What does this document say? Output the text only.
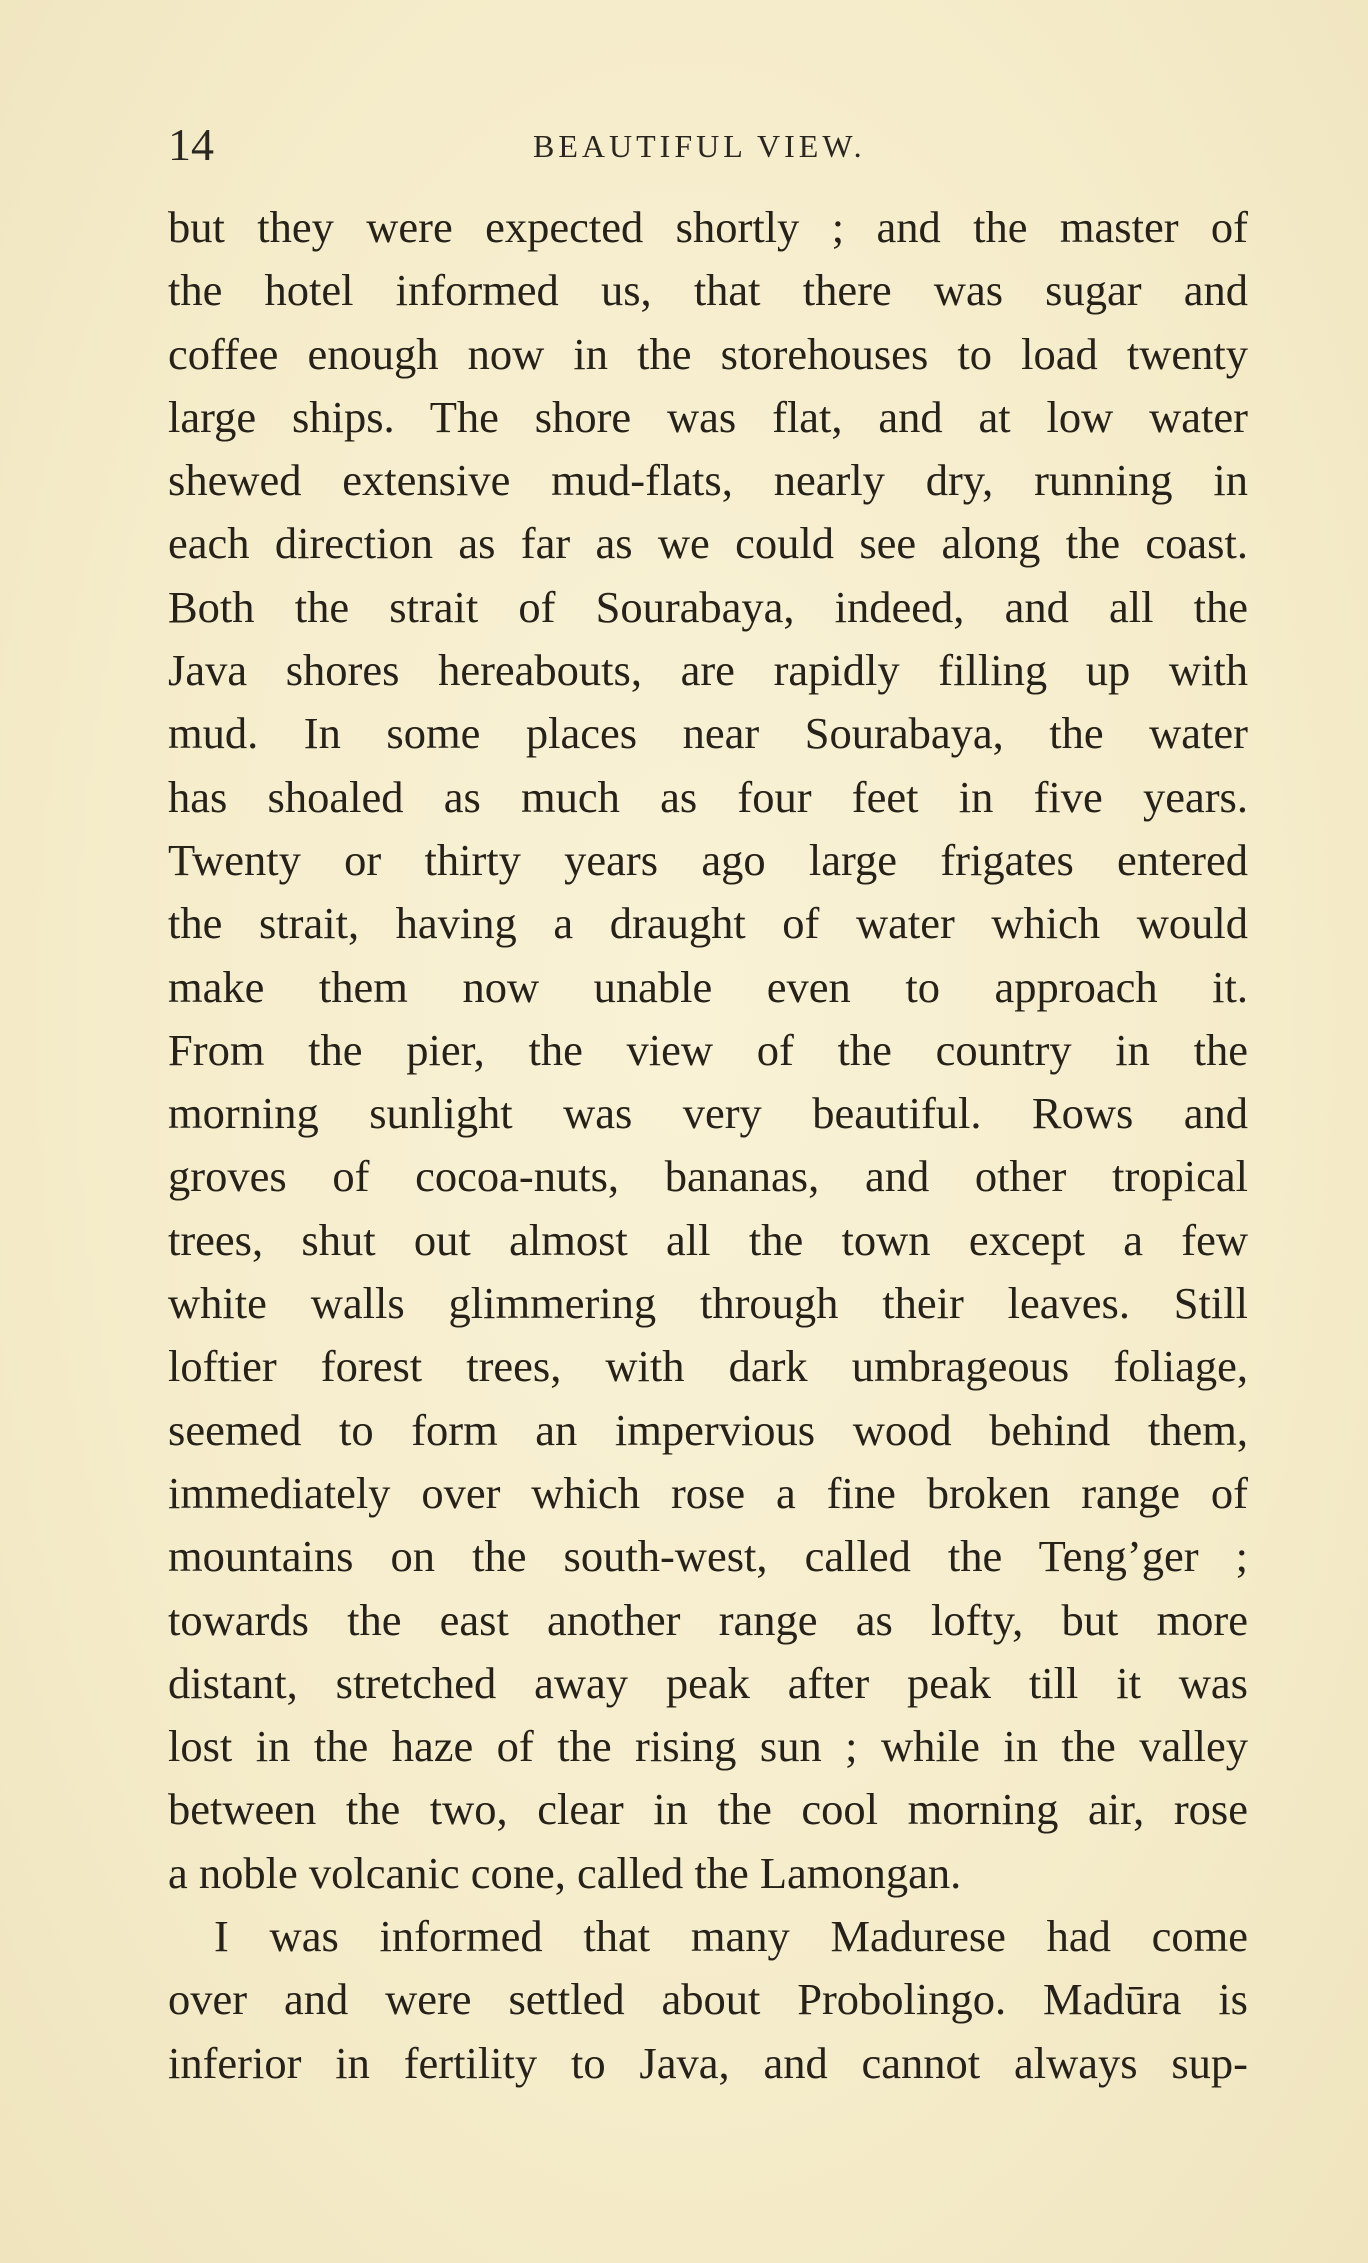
14	BEAUTIFUL VIEW.
but they were expected shortly ; and the master of
the hotel informed us, that there was sugar and
coffee enough now in the storehouses to load twenty
large ships. The shore was flat, and at low water
shewed extensive mud-flats, nearly dry, running in
each direction as far as we could see along the coast.
Both the strait of Sourabaya, indeed, and all the
Java shores hereabouts, are rapidly filling up with
mud. In some places near Sourabaya, the water
has shoaled as much as four feet in five years.
Twenty or thirty years ago large frigates entered
the strait, having a draught of water which would
make them now unable even to approach it.
From the pier, the view of the country in the
morning sunlight was very beautiful. Rows and
groves of cocoa-nuts, bananas, and other tropical
trees, shut out almost all the town except a few
white walls glimmering through their leaves. Still
loftier forest trees, with dark umbrageous foliage,
seemed to form an impervious wood behind them,
immediately over which rose a fine broken range of
mountains on the south-west, called the Teng’ger ;
towards the east another range as lofty, but more
distant, stretched away peak after peak till it was
lost in the haze of the rising sun ; while in the valley
between the two, clear in the cool morning air, rose
a noble volcanic cone, called the Lamongan.
I was informed that many Madurese had come
over and were settled about Probolingo. Madūra is
inferior in fertility to Java, and cannot always sup-
